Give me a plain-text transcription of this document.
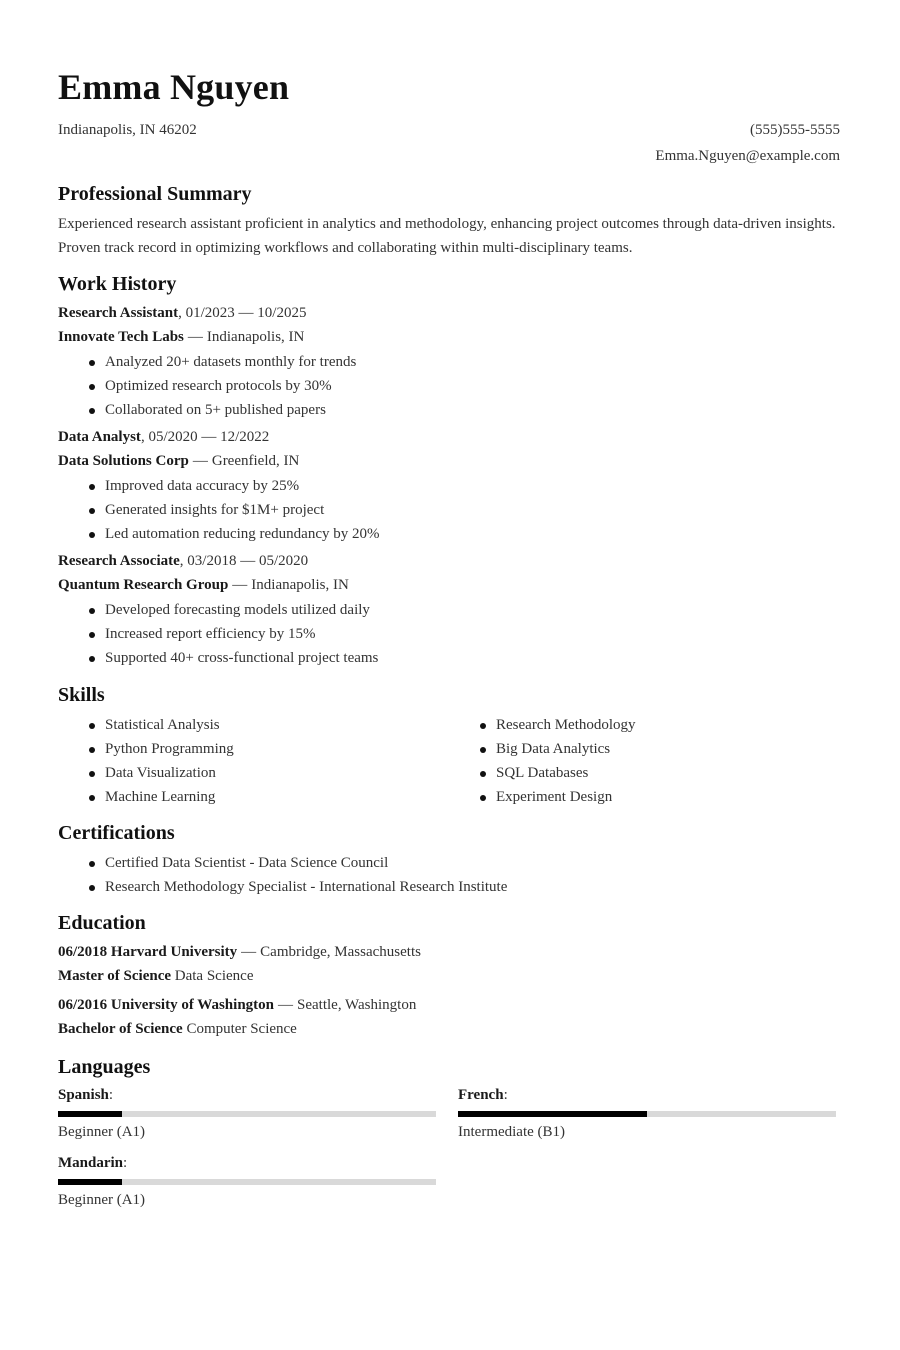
Emma Nguyen
Indianapolis, IN 46202	(555)555-5555
Emma.Nguyen@example.com
Professional Summary
Experienced research assistant proficient in analytics and methodology, enhancing project outcomes through data-driven insights. Proven track record in optimizing workflows and collaborating within multi-disciplinary teams.
Work History
Research Assistant, 01/2023 — 10/2025
Innovate Tech Labs — Indianapolis, IN
Analyzed 20+ datasets monthly for trends
Optimized research protocols by 30%
Collaborated on 5+ published papers
Data Analyst, 05/2020 — 12/2022
Data Solutions Corp — Greenfield, IN
Improved data accuracy by 25%
Generated insights for $1M+ project
Led automation reducing redundancy by 20%
Research Associate, 03/2018 — 05/2020
Quantum Research Group — Indianapolis, IN
Developed forecasting models utilized daily
Increased report efficiency by 15%
Supported 40+ cross-functional project teams
Skills
Statistical Analysis
Python Programming
Data Visualization
Machine Learning
Research Methodology
Big Data Analytics
SQL Databases
Experiment Design
Certifications
Certified Data Scientist - Data Science Council
Research Methodology Specialist - International Research Institute
Education
06/2018 Harvard University — Cambridge, Massachusetts
Master of Science Data Science
06/2016 University of Washington — Seattle, Washington
Bachelor of Science Computer Science
Languages
Spanish:
Beginner (A1)
French:
Intermediate (B1)
Mandarin:
Beginner (A1)
